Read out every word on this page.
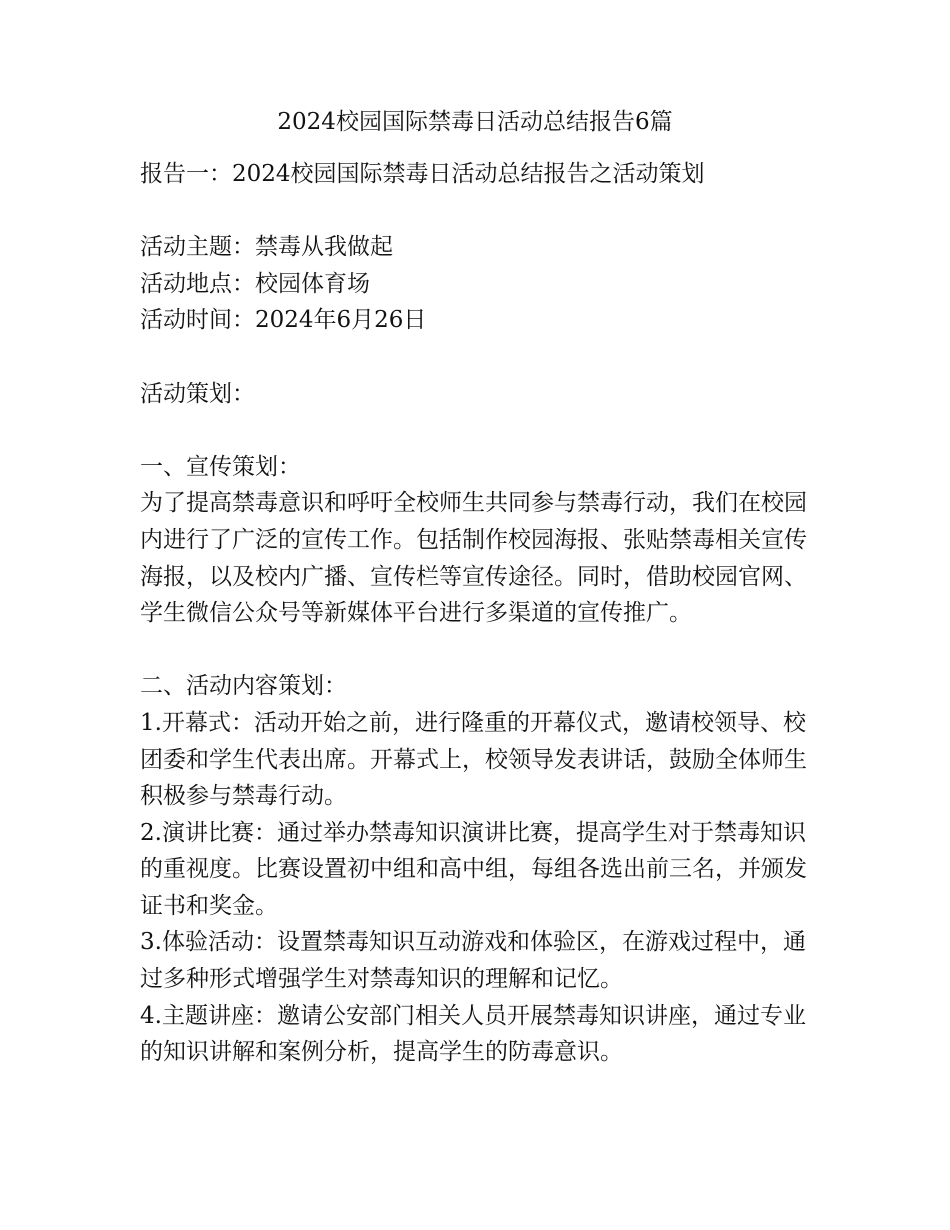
2024校园国际禁毒日活动总结报告6篇

报告一：2024校园国际禁毒日活动总结报告之活动策划

活动主题：禁毒从我做起

活动地点：校园体育场

活动时间：2024年6月26日

活动策划：

一、宣传策划：

为了提高禁毒意识和呼吁全校师生共同参与禁毒行动，我们在校园内进行了广泛的宣传工作。包括制作校园海报、张贴禁毒相关宣传海报，以及校内广播、宣传栏等宣传途径。同时，借助校园官网、学生微信公众号等新媒体平台进行多渠道的宣传推广。

二、活动内容策划：

1.开幕式：活动开始之前，进行隆重的开幕仪式，邀请校领导、校团委和学生代表出席。开幕式上，校领导发表讲话，鼓励全体师生积极参与禁毒行动。

2.演讲比赛：通过举办禁毒知识演讲比赛，提高学生对于禁毒知识的重视度。比赛设置初中组和高中组，每组各选出前三名，并颁发证书和奖金。

3.体验活动：设置禁毒知识互动游戏和体验区，在游戏过程中，通过多种形式增强学生对禁毒知识的理解和记忆。

4.主题讲座：邀请公安部门相关人员开展禁毒知识讲座，通过专业的知识讲解和案例分析，提高学生的防毒意识。
